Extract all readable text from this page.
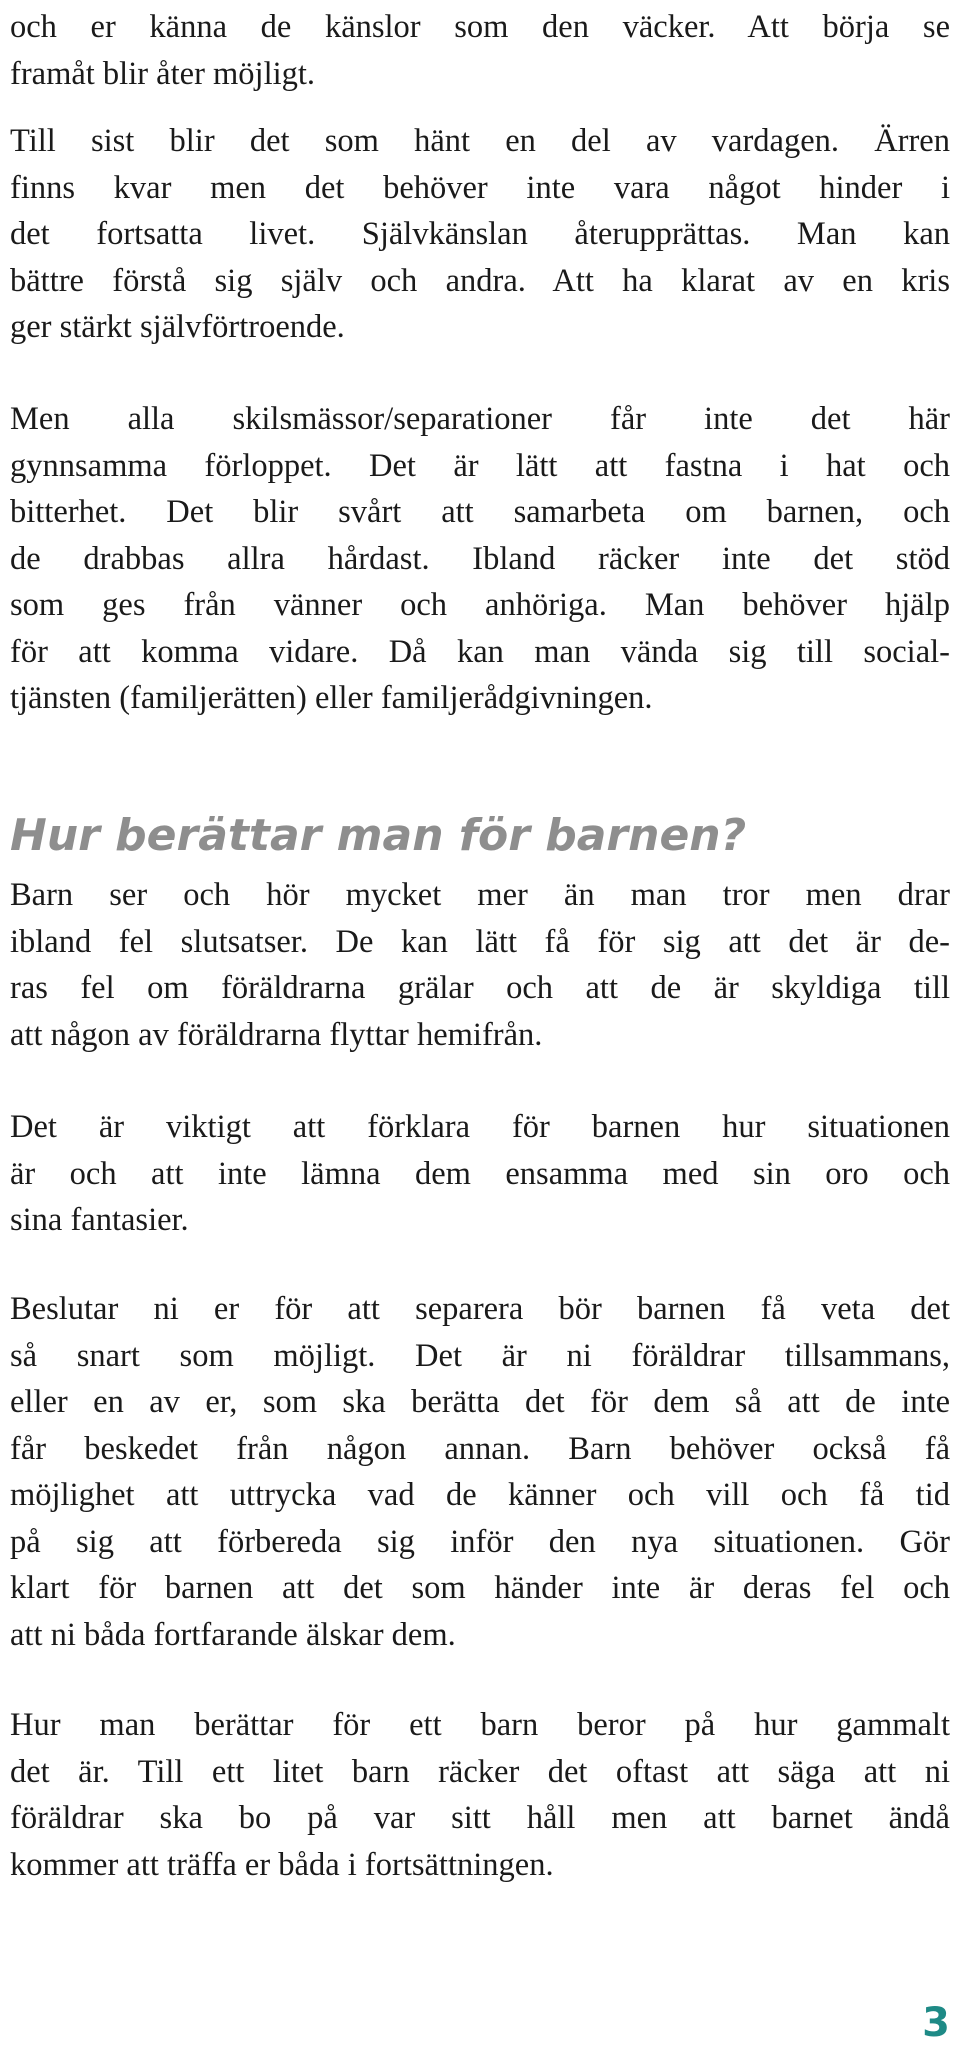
och er känna de känslor som den väcker. Att börja se
framåt blir åter möjligt.
Till sist blir det som hänt en del av vardagen. Ärren
finns kvar men det behöver inte vara något hinder i
det fortsatta livet. Självkänslan återupprättas. Man kan
bättre förstå sig själv och andra. Att ha klarat av en kris
ger stärkt självförtroende.
Men alla skilsmässor/separationer får inte det här
gynnsamma förloppet. Det är lätt att fastna i hat och
bitterhet. Det blir svårt att samarbeta om barnen, och
de drabbas allra hårdast. Ibland räcker inte det stöd
som ges från vänner och anhöriga. Man behöver hjälp
för att komma vidare. Då kan man vända sig till social-
tjänsten (familjerätten) eller familjerådgivningen.
Hur berättar man för barnen?
Barn ser och hör mycket mer än man tror men drar
ibland fel slutsatser. De kan lätt få för sig att det är de-
ras fel om föräldrarna grälar och att de är skyldiga till
att någon av föräldrarna flyttar hemifrån.
Det är viktigt att förklara för barnen hur situationen
är och att inte lämna dem ensamma med sin oro och
sina fantasier.
Beslutar ni er för att separera bör barnen få veta det
så snart som möjligt. Det är ni föräldrar tillsammans,
eller en av er, som ska berätta det för dem så att de inte
får beskedet från någon annan. Barn behöver också få
möjlighet att uttrycka vad de känner och vill och få tid
på sig att förbereda sig inför den nya situationen. Gör
klart för barnen att det som händer inte är deras fel och
att ni båda fortfarande älskar dem.
Hur man berättar för ett barn beror på hur gammalt
det är. Till ett litet barn räcker det oftast att säga att ni
föräldrar ska bo på var sitt håll men att barnet ändå
kommer att träffa er båda i fortsättningen.
3
